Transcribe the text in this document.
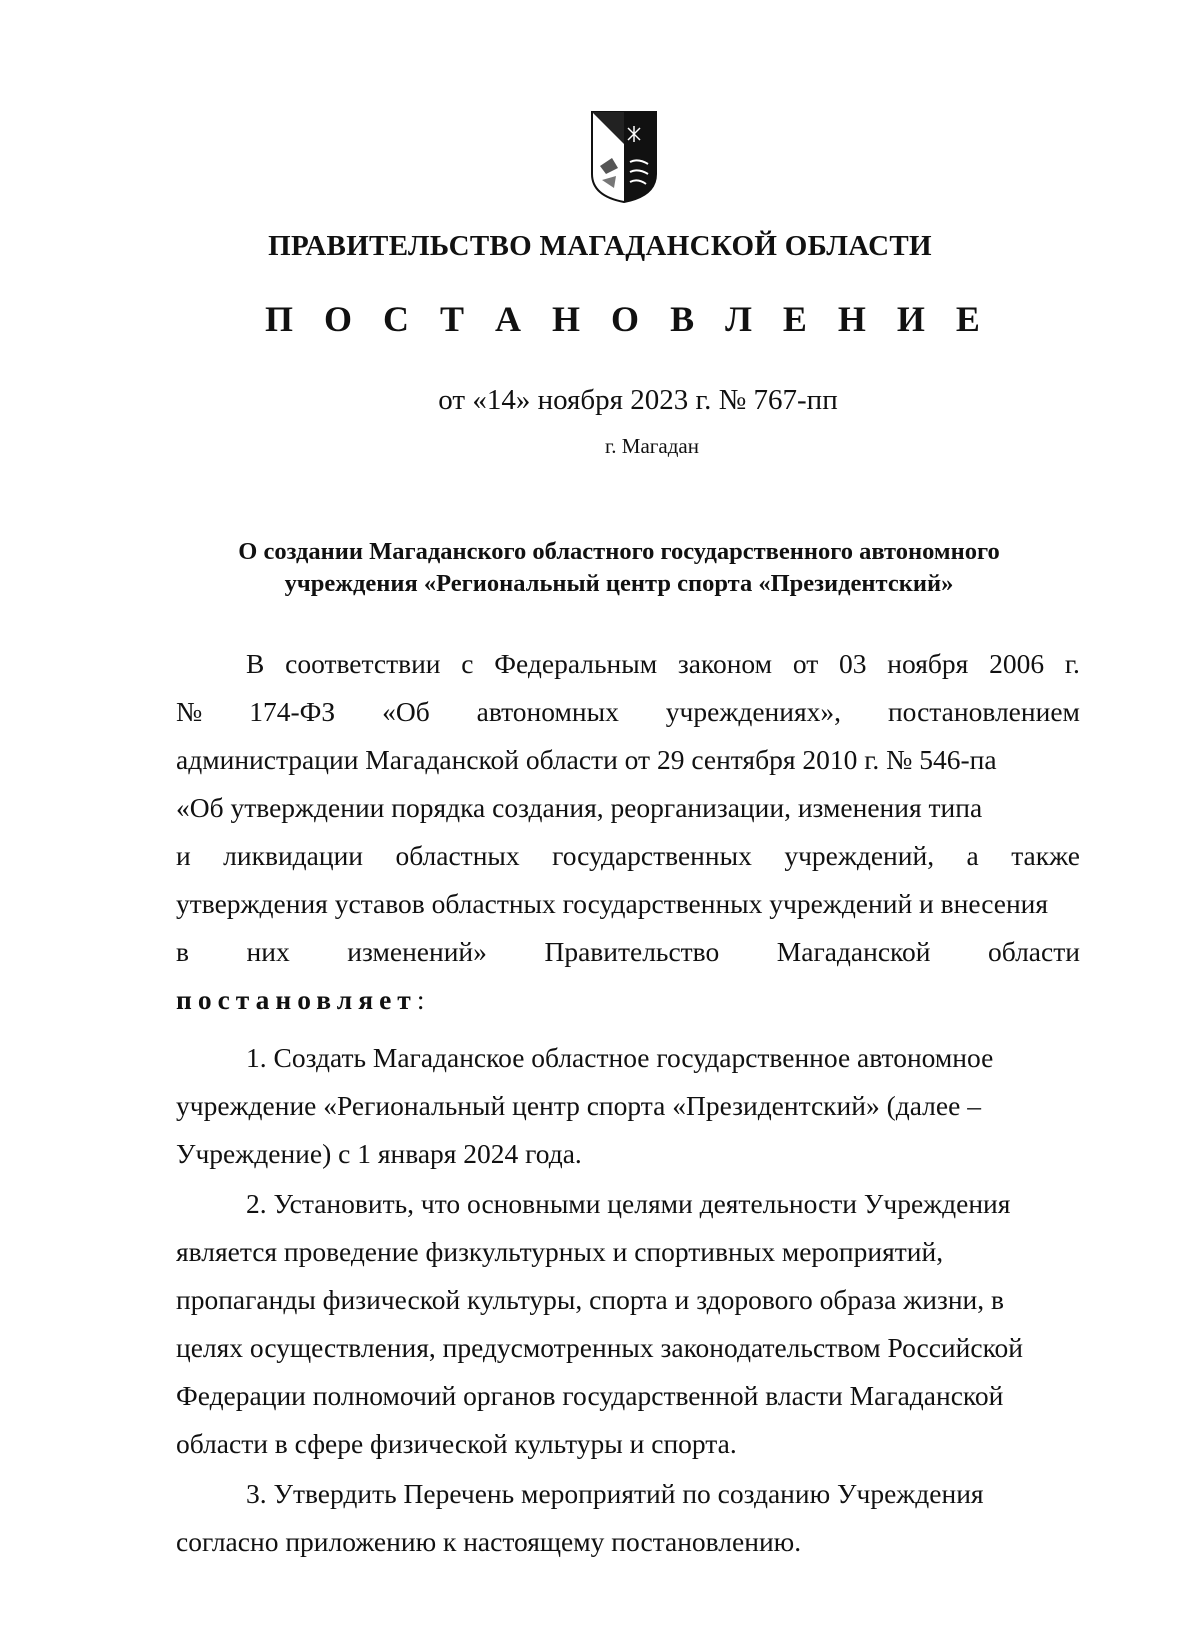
ПРАВИТЕЛЬСТВО МАГАДАНСКОЙ ОБЛАСТИ
П О С Т А Н О В Л Е Н И Е
от «14» ноября 2023 г. № 767-пп
г. Магадан
О создании Магаданского областного государственного автономного
учреждения «Региональный центр спорта «Президентский»
В соответствии с Федеральным законом от 03 ноября 2006 г.
№ 174-ФЗ «Об автономных учреждениях», постановлением
администрации Магаданской области от 29 сентября 2010 г. № 546-па
«Об утверждении порядка создания, реорганизации, изменения типа
и ликвидации областных государственных учреждений, а также
утверждения уставов областных государственных учреждений и внесения
в них изменений» Правительство Магаданской области
постановляет:
1. Создать Магаданское областное государственное автономное
учреждение «Региональный центр спорта «Президентский» (далее –
Учреждение) с 1 января 2024 года.
2. Установить, что основными целями деятельности Учреждения
является проведение физкультурных и спортивных мероприятий,
пропаганды физической культуры, спорта и здорового образа жизни, в
целях осуществления, предусмотренных законодательством Российской
Федерации полномочий органов государственной власти Магаданской
области в сфере физической культуры и спорта.
3. Утвердить Перечень мероприятий по созданию Учреждения
согласно приложению к настоящему постановлению.
